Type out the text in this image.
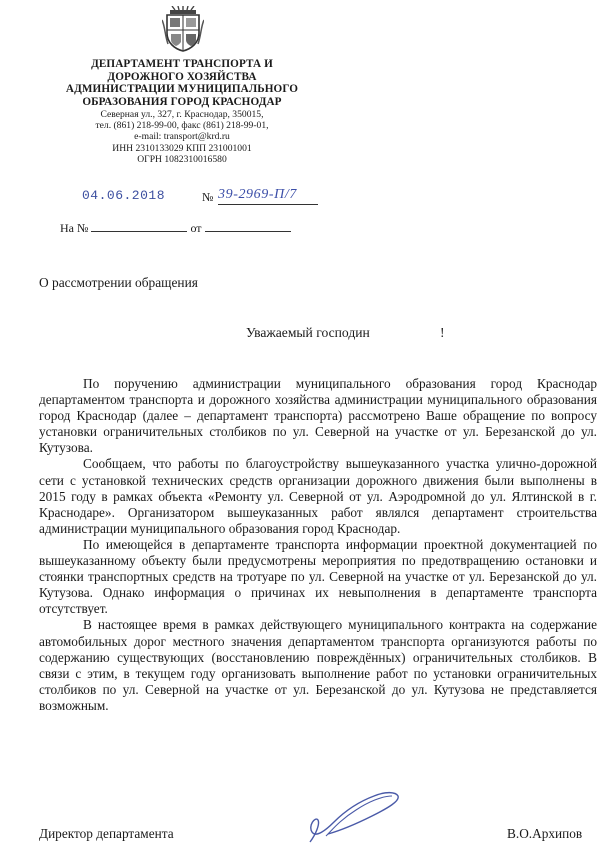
ДЕПАРТАМЕНТ ТРАНСПОРТА И
ДОРОЖНОГО ХОЗЯЙСТВА
АДМИНИСТРАЦИИ МУНИЦИПАЛЬНОГО
ОБРАЗОВАНИЯ ГОРОД КРАСНОДАР
Северная ул., 327, г. Краснодар, 350015,
тел. (861) 218-99-00, факс (861) 218-99-01,
e-mail: transport@krd.ru
ИНН 2310133029 КПП 231001001
ОГРН 1082310016580
04.06.2018	№ 39-2969-П/7
На №	от
О рассмотрении обращения
Уважаемый господин	!

По поручению администрации муниципального образования город Краснодар департаментом транспорта и дорожного хозяйства администрации муниципального образования город Краснодар (далее – департамент транспорта) рассмотрено Ваше обращение по вопросу установки ограничительных столбиков по ул. Северной на участке от ул. Березанской до ул. Кутузова.

Сообщаем, что работы по благоустройству вышеуказанного участка улично-дорожной сети с установкой технических средств организации дорожного движения были выполнены в 2015 году в рамках объекта «Ремонту ул. Северной от ул. Аэродромной до ул. Ялтинской в г. Краснодаре». Организатором вышеуказанных работ являлся департамент строительства администрации муниципального образования город Краснодар.

По имеющейся в департаменте транспорта информации проектной документацией по вышеуказанному объекту были предусмотрены мероприятия по предотвращению остановки и стоянки транспортных средств на тротуаре по ул. Северной на участке от ул. Березанской до ул. Кутузова. Однако информация о причинах их невыполнения в департаменте транспорта отсутствует.

В настоящее время в рамках действующего муниципального контракта на содержание автомобильных дорог местного значения департаментом транспорта организуются работы по содержанию существующих (восстановлению повреждённых) ограничительных столбиков. В связи с этим, в текущем году организовать выполнение работ по установки ограничительных столбиков по ул. Северной на участке от ул. Березанской до ул. Кутузова не представляется возможным.

Директор департамента	В.О.Архипов
